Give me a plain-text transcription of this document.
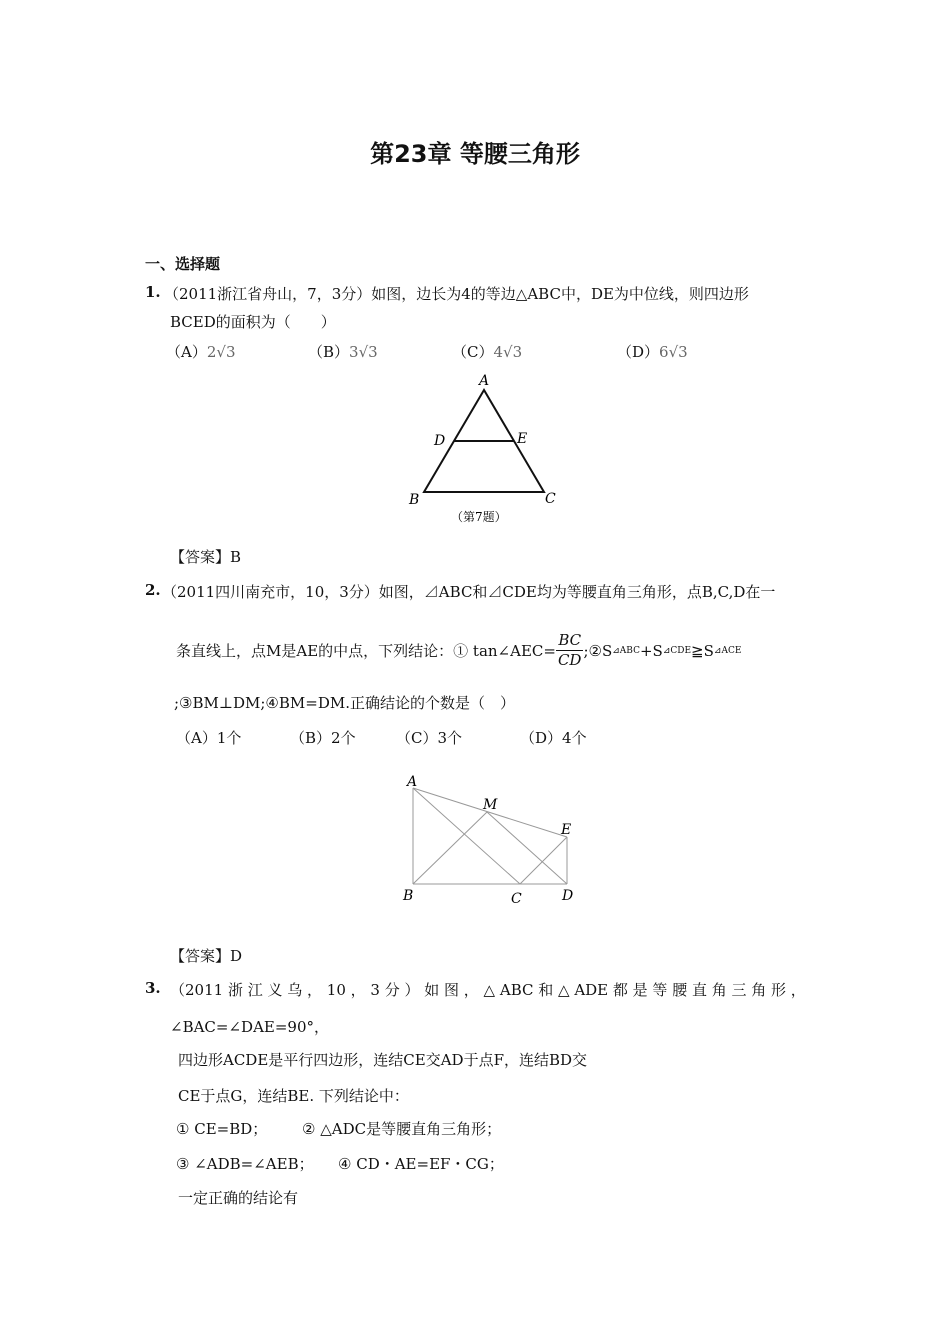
第23章 等腰三角形
一、选择题
1. （2011浙江省舟山，7，3分）如图，边长为4的等边△ABC中，DE为中位线，则四边形
BCED的面积为（　　）
（A）2√3	（B）3√3	（C）4√3	（D）6√3
A
D	E
B	C
（第7题）
【答案】B
2. （2011四川南充市，10，3分）如图，⊿ABC和⊿CDE均为等腰直角三角形，点B,C,D在一
条直线上，点M是AE的中点，下列结论：① tan∠AEC= $\frac{BC}{CD}$ ;②S ⊿ABC +S ⊿CDE ≧S ⊿ACE
;③BM⊥DM;④BM=DM.正确结论的个数是（　）
（A）1个	（B）2个	（C）3个	（D）4个
A
M
E
B	C	D
【答案】D
3. （2011 浙 江 义 乌 ， 10 ， 3 分 ） 如 图 ， △ ABC 和 △ ADE 都 是 等 腰 直 角 三 角 形 ，
∠BAC=∠DAE=90°，
四边形ACDE是平行四边形，连结CE交AD于点F，连结BD交
CE于点G，连结BE. 下列结论中：
① CE=BD； ② △ADC是等腰直角三角形；
③ ∠ADB=∠AEB； ④ CD・AE=EF・CG；
一定正确的结论有
